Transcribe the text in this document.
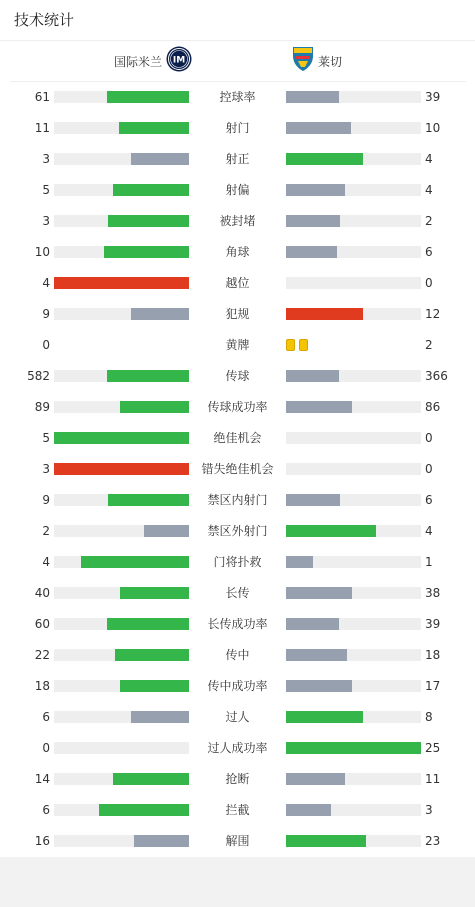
技术统计
国际米兰 IM	莱切
61	控球率	39
11	射门	10
3	射正	4
5	射偏	4
3	被封堵	2
10	角球	6
4	越位	0
9	犯规	12
0	黄牌	2
582	传球	366
89	传球成功率	86
5	绝佳机会	0
3	错失绝佳机会	0
9	禁区内射门	6
2	禁区外射门	4
4	门将扑救	1
40	长传	38
60	长传成功率	39
22	传中	18
18	传中成功率	17
6	过人	8
0	过人成功率	25
14	抢断	11
6	拦截	3
16	解围	23
